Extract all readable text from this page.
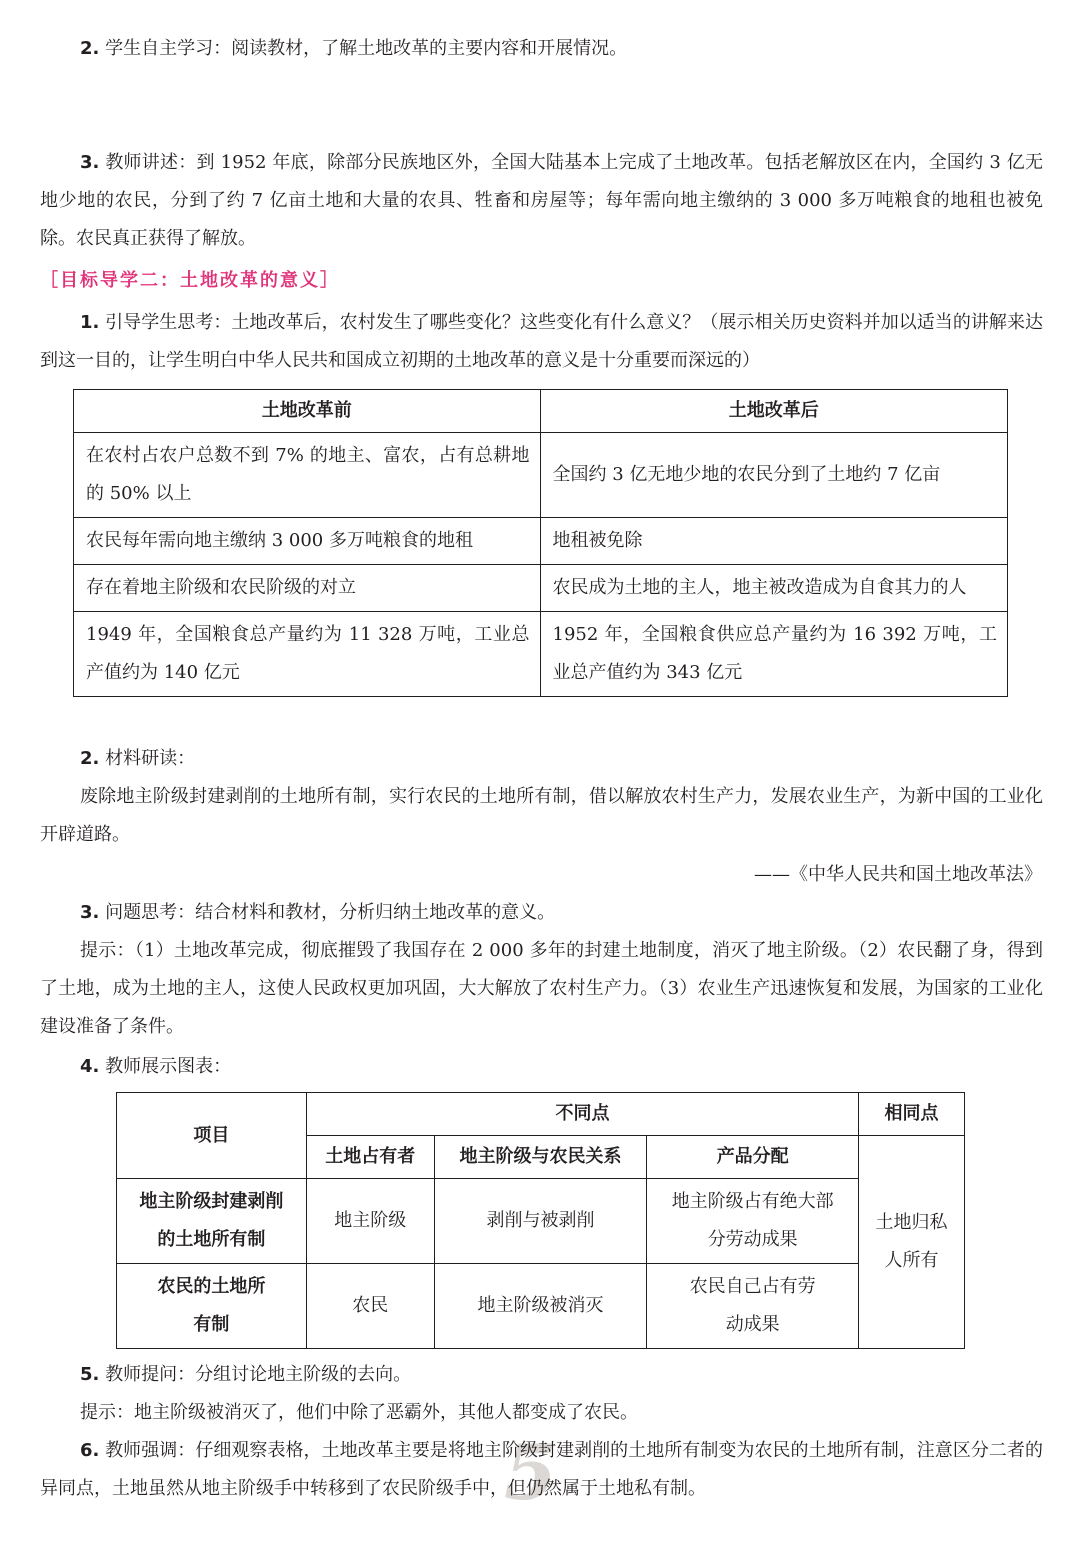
2. 学生自主学习：阅读教材，了解土地改革的主要内容和开展情况。

3. 教师讲述：到 1952 年底，除部分民族地区外，全国大陆基本上完成了土地改革。包括老解放区在内，全国约 3 亿无地少地的农民，分到了约 7 亿亩土地和大量的农具、牲畜和房屋等；每年需向地主缴纳的 3 000 多万吨粮食的地租也被免除。农民真正获得了解放。

［目标导学二：土地改革的意义］

1. 引导学生思考：土地改革后，农村发生了哪些变化？这些变化有什么意义？（展示相关历史资料并加以适当的讲解来达到这一目的，让学生明白中华人民共和国成立初期的土地改革的意义是十分重要而深远的）

土地改革前	土地改革后
在农村占农户总数不到 7% 的地主、富农，占有总耕地的 50% 以上	全国约 3 亿无地少地的农民分到了土地约 7 亿亩
农民每年需向地主缴纳 3 000 多万吨粮食的地租	地租被免除
存在着地主阶级和农民阶级的对立	农民成为土地的主人，地主被改造成为自食其力的人
1949 年，全国粮食总产量约为 11 328 万吨，工业总产值约为 140 亿元	1952 年，全国粮食供应总产量约为 16 392 万吨，工业总产值约为 343 亿元

2. 材料研读：

废除地主阶级封建剥削的土地所有制，实行农民的土地所有制，借以解放农村生产力，发展农业生产，为新中国的工业化开辟道路。

——《中华人民共和国土地改革法》

3. 问题思考：结合材料和教材，分析归纳土地改革的意义。

提示：（1）土地改革完成，彻底摧毁了我国存在 2 000 多年的封建土地制度，消灭了地主阶级。（2）农民翻了身，得到了土地，成为土地的主人，这使人民政权更加巩固，大大解放了农村生产力。（3）农业生产迅速恢复和发展，为国家的工业化建设准备了条件。

4. 教师展示图表：

项目	不同点			相同点
	土地占有者	地主阶级与农民关系	产品分配	土地归私人所有
地主阶级封建剥削的土地所有制	地主阶级	剥削与被剥削	地主阶级占有绝大部分劳动成果	
农民的土地所有制	农民	地主阶级被消灭	农民自己占有劳动成果	

5. 教师提问：分组讨论地主阶级的去向。

提示：地主阶级被消灭了，他们中除了恶霸外，其他人都变成了农民。

5

6. 教师强调：仔细观察表格，土地改革主要是将地主阶级封建剥削的土地所有制变为农民的土地所有制，注意区分二者的异同点，土地虽然从地主阶级手中转移到了农民阶级手中，但仍然属于土地私有制。
